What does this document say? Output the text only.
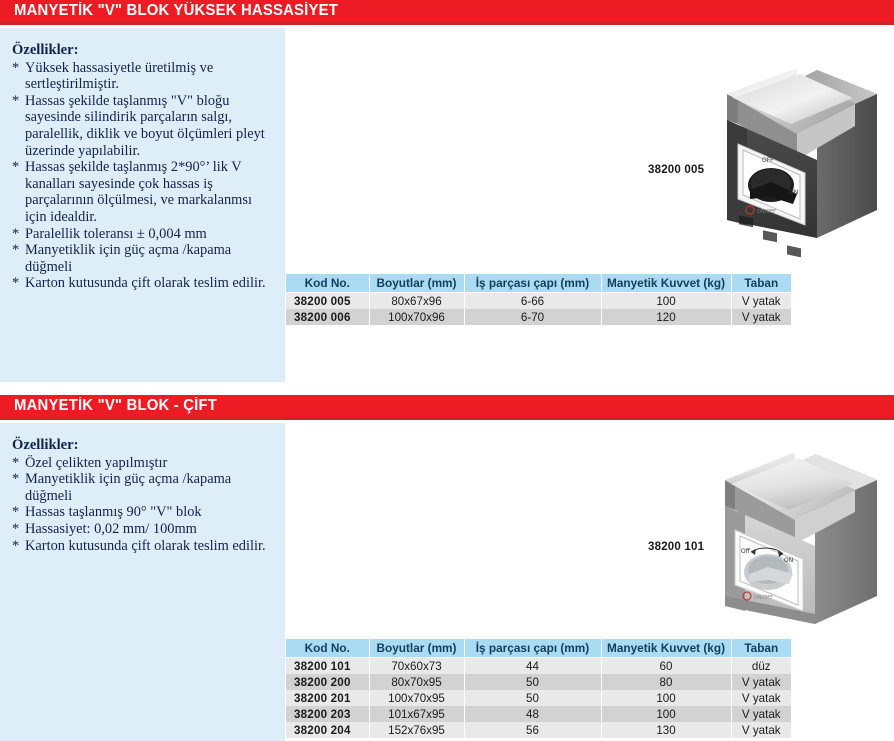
MANYETİK "V" BLOK YÜKSEK HASSASİYET
Özellikler:
* Yüksek hassasiyetle üretilmiş ve sertleştirilmiştir.
* Hassas şekilde taşlanmış "V" bloğu sayesinde silindirik parçaların salgı, paralellik, diklik ve boyut ölçümleri pleyt üzerinde yapılabilir.
* Hassas şekilde taşlanmış 2*90°’ lik V kanalları sayesinde çok hassas iş parçalarının ölçülmesi, ve markalanmsı için idealdir.
* Paralellik toleransı ± 0,004 mm
* Manyetiklik için güç açma /kapama düğmeli
* Karton kutusunda çift olarak teslim edilir.
OFF
ON
ON/OFF
38200 005
Kod No.	Boyutlar (mm)	İş parçası çapı (mm)	Manyetik Kuvvet (kg)	Taban
38200 005	80x67x96	6-66	100	V yatak
38200 006	100x70x96	6-70	120	V yatak
MANYETİK "V" BLOK - ÇİFT
Özellikler:
* Özel çelikten yapılmıştır
* Manyetiklik için güç açma /kapama düğmeli
* Hassas taşlanmış 90° "V" blok
* Hassasiyet: 0,02 mm/ 100mm
* Karton kutusunda çift olarak teslim edilir.	Off
ON
ON/OFF
38200 101
Kod No.	Boyutlar (mm)	İş parçası çapı (mm)	Manyetik Kuvvet (kg)	Taban
38200 101	70x60x73	44	60	düz
38200 200	80x70x95	50	80	V yatak
38200 201	100x70x95	50	100	V yatak
38200 203	101x67x95	48	100	V yatak
38200 204	152x76x95	56	130	V yatak
